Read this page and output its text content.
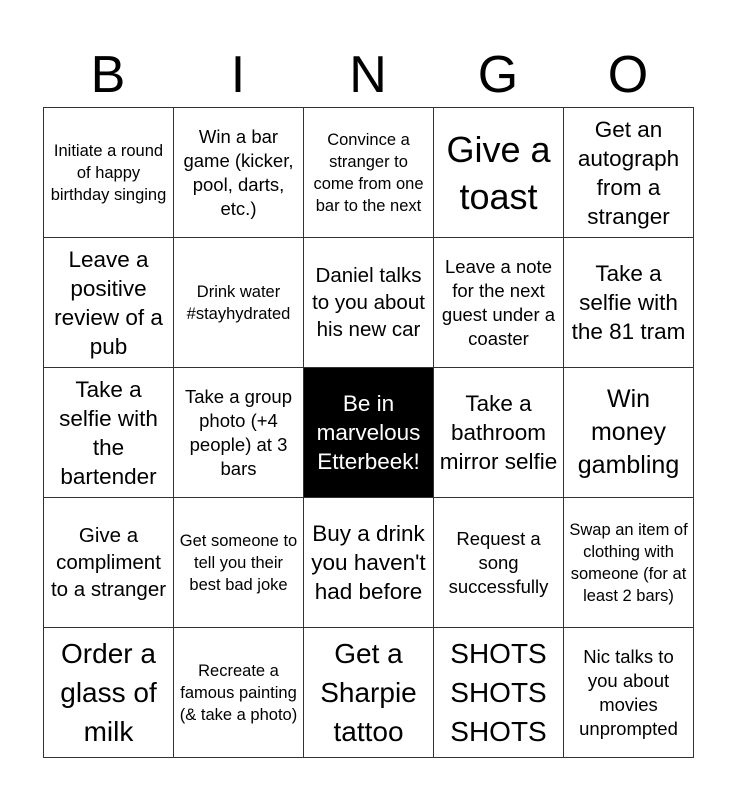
B	I	N	G	O
Initiate a round of happy birthday singing
Win a bar game (kicker, pool, darts, etc.)
Convince a stranger to come from one bar to the next
Give a toast
Get an autograph from a stranger
Leave a positive review of a pub
Drink water #stayhydrated
Daniel talks to you about his new car
Leave a note for the next guest under a coaster
Take a selfie with the 81 tram
Take a selfie with the bartender
Take a group photo (+4 people) at 3 bars
Be in marvelous Etterbeek!
Take a bathroom mirror selfie
Win money gambling
Give a compliment to a stranger
Get someone to tell you their best bad joke
Buy a drink you haven't had before
Request a song successfully
Swap an item of clothing with someone (for at least 2 bars)
Order a glass of milk
Recreate a famous painting (& take a photo)
Get a Sharpie tattoo
SHOTS SHOTS SHOTS
Nic talks to you about movies unprompted
